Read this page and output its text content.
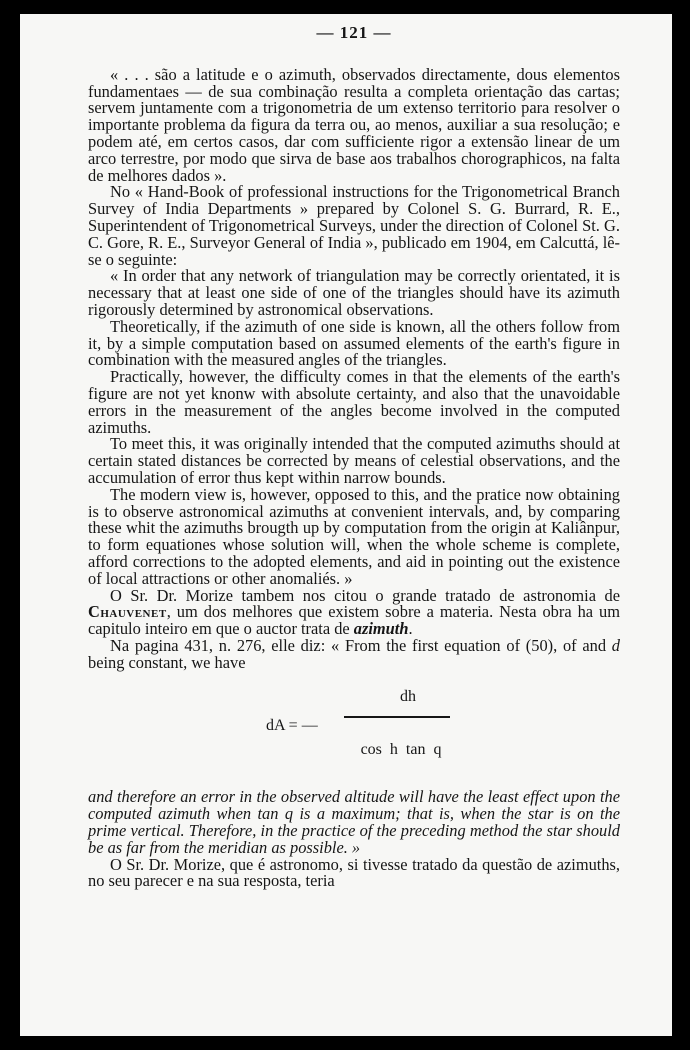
— 121 —

« . . . são a latitude e o azimuth, observados directamente, dous elementos fundamentaes — de sua combinação resulta a completa orientação das cartas; servem juntamente com a trigonometria de um extenso territorio para resolver o importante problema da figura da terra ou, ao menos, auxiliar a sua resolução; e podem até, em certos casos, dar com sufficiente rigor a extensão linear de um arco terrestre, por modo que sirva de base aos trabalhos chorographicos, na falta de melhores dados ».

No « Hand-Book of professional instructions for the Trigonometrical Branch Survey of India Departments » prepared by Colonel S. G. Burrard, R. E., Superintendent of Trigonometrical Surveys, under the direction of Colonel St. G. C. Gore, R. E., Surveyor General of India », publicado em 1904, em Calcuttá, lê-se o seguinte:

« In order that any network of triangulation may be correctly orientated, it is necessary that at least one side of one of the triangles should have its azimuth rigorously determined by astronomical observations.

Theoretically, if the azimuth of one side is known, all the others follow from it, by a simple computation based on assumed elements of the earth's figure in combination with the measured angles of the triangles.

Practically, however, the difficulty comes in that the elements of the earth's figure are not yet knonw with absolute certainty, and also that the unavoidable errors in the measurement of the angles become involved in the computed azimuths.

To meet this, it was originally intended that the computed azimuths should at certain stated distances be corrected by means of celestial observations, and the accumulation of error thus kept within narrow bounds.

The modern view is, however, opposed to this, and the pratice now obtaining is to observe astronomical azimuths at convenient intervals, and, by comparing these whit the azimuths brougth up by computation from the origin at Kaliânpur, to form equationes whose solution will, when the whole scheme is complete, afford corrections to the adopted elements, and aid in pointing out the existence of local attractions or other anomaliés. »

O Sr. Dr. Morize tambem nos citou o grande tratado de astronomia de Chauvenet, um dos melhores que existem sobre a materia. Nesta obra ha um capitulo inteiro em que o auctor trata de azimuth.

Na pagina 431, n. 276, elle diz: « From the first equation of (50), of and d being constant, we have

dA = —
dh
cos h tan q

and therefore an error in the observed altitude will have the least effect upon the computed azimuth when tan q is a maximum; that is, when the star is on the prime vertical. Therefore, in the practice of the preceding method the star should be as far from the meridian as possible. »

O Sr. Dr. Morize, que é astronomo, si tivesse tratado da questão de azimuths, no seu parecer e na sua resposta, teria
